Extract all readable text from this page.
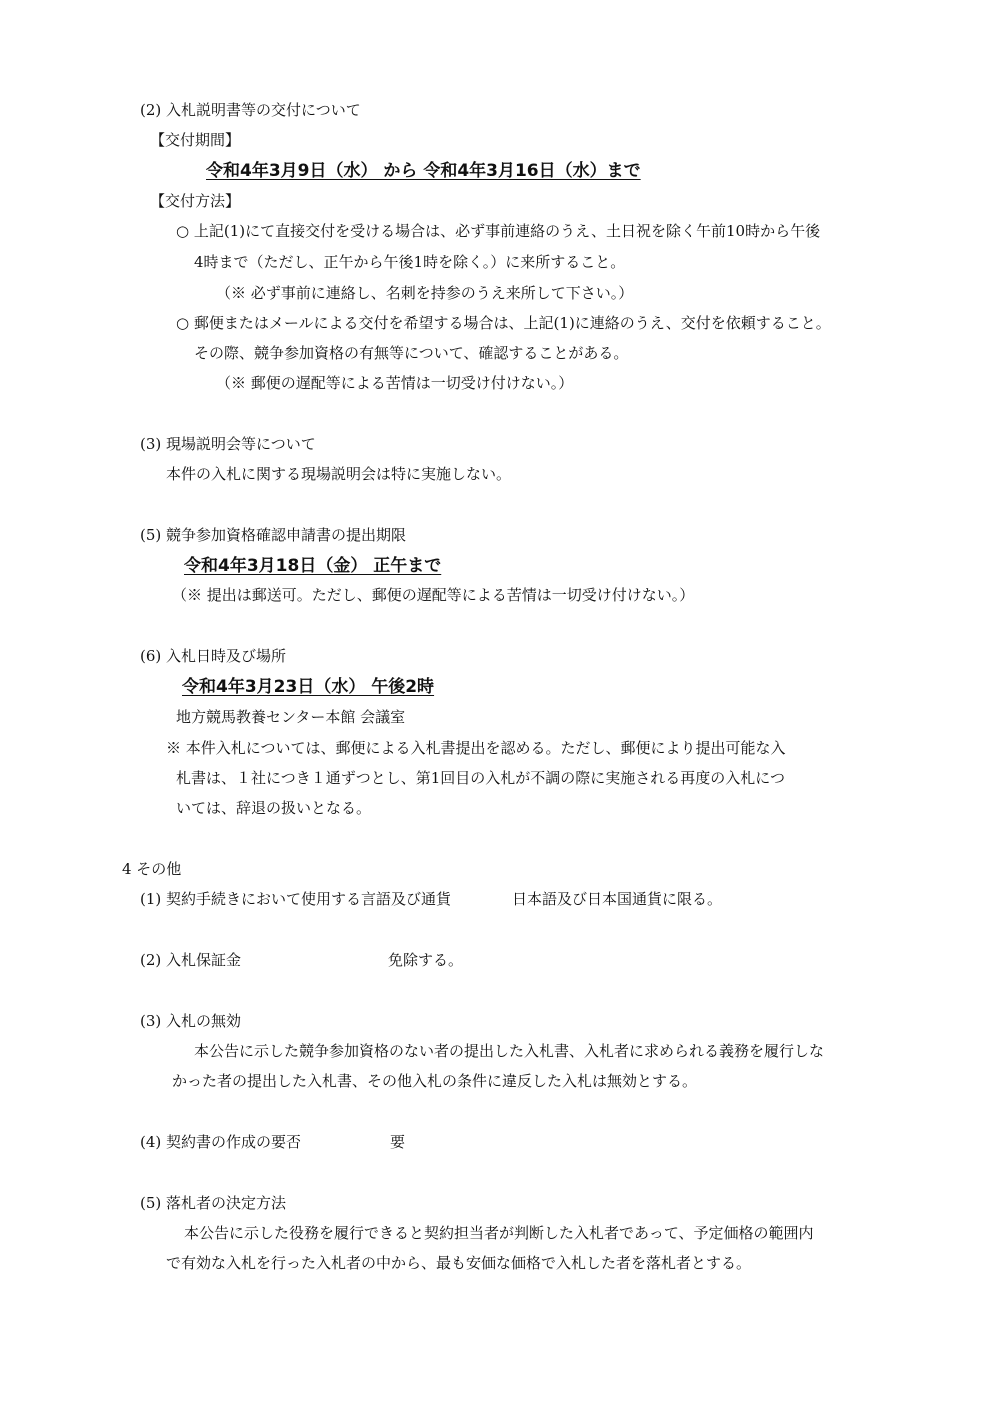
(2) 入札説明書等の交付について
【交付期間】
令和4年3月9日（水） から 令和4年3月16日（水）まで
【交付方法】
○ 上記(1)にて直接交付を受ける場合は、必ず事前連絡のうえ、土日祝を除く午前10時から午後
4時まで（ただし、正午から午後1時を除く。）に来所すること。
（※ 必ず事前に連絡し、名刺を持参のうえ来所して下さい。）
○ 郵便またはメールによる交付を希望する場合は、上記(1)に連絡のうえ、交付を依頼すること。
その際、競争参加資格の有無等について、確認することがある。
（※ 郵便の遅配等による苦情は一切受け付けない。）
(3) 現場説明会等について
本件の入札に関する現場説明会は特に実施しない。
(5) 競争参加資格確認申請書の提出期限
令和4年3月18日（金） 正午まで
（※ 提出は郵送可。ただし、郵便の遅配等による苦情は一切受け付けない。）
(6) 入札日時及び場所
令和4年3月23日（水） 午後2時
地方競馬教養センター本館 会議室
※ 本件入札については、郵便による入札書提出を認める。ただし、郵便により提出可能な入
札書は、１社につき１通ずつとし、第1回目の入札が不調の際に実施される再度の入札につ
いては、辞退の扱いとなる。
4 その他
(1) 契約手続きにおいて使用する言語及び通貨	日本語及び日本国通貨に限る。
(2) 入札保証金	免除する。
(3) 入札の無効
本公告に示した競争参加資格のない者の提出した入札書、入札者に求められる義務を履行しな
かった者の提出した入札書、その他入札の条件に違反した入札は無効とする。
(4) 契約書の作成の要否	要
(5) 落札者の決定方法
本公告に示した役務を履行できると契約担当者が判断した入札者であって、予定価格の範囲内
で有効な入札を行った入札者の中から、最も安価な価格で入札した者を落札者とする。
